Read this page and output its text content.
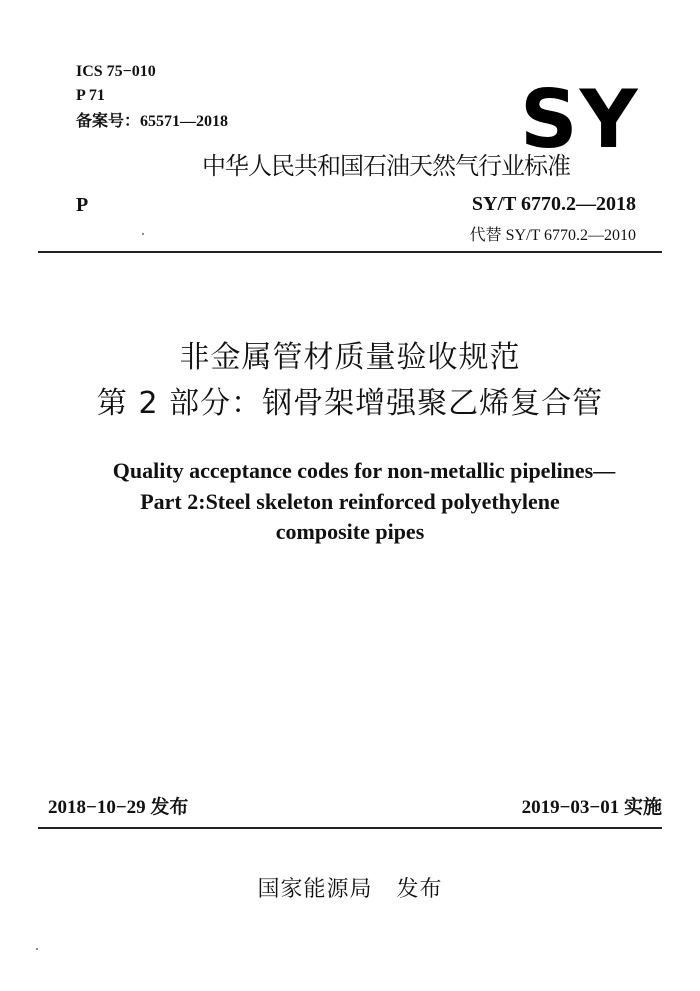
ICS 75−010
P 71
备案号：65571—2018	SY
中华人民共和国石油天然气行业标准
P	SY/T 6770.2—2018
代替 SY/T 6770.2—2010
非金属管材质量验收规范
第 2 部分：钢骨架增强聚乙烯复合管
Quality acceptance codes for non-metallic pipelines—
Part 2:Steel skeleton reinforced polyethylene
composite pipes
2018−10−29 发布	2019−03−01 实施
国家能源局 发布
